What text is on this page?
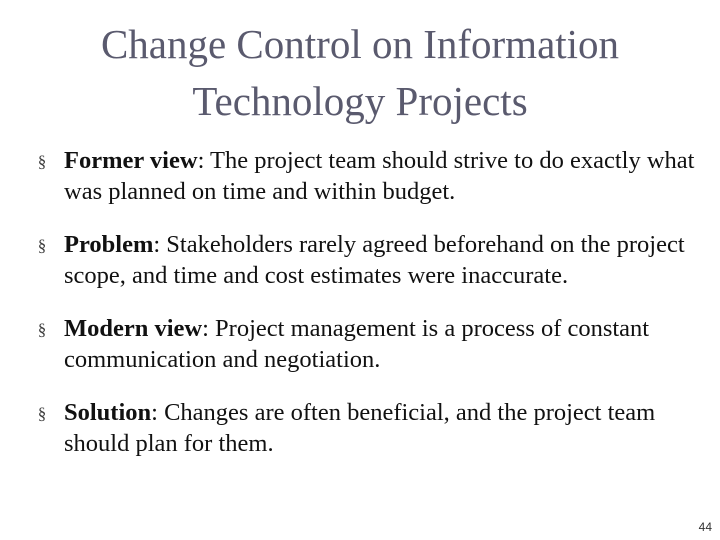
Change Control on Information
Technology Projects
§ Former view: The project team should strive to do exactly what was planned on time and within budget.
§ Problem: Stakeholders rarely agreed beforehand on the project scope, and time and cost estimates were inaccurate.
§ Modern view: Project management is a process of constant communication and negotiation.
§ Solution: Changes are often beneficial, and the project team should plan for them.
44
